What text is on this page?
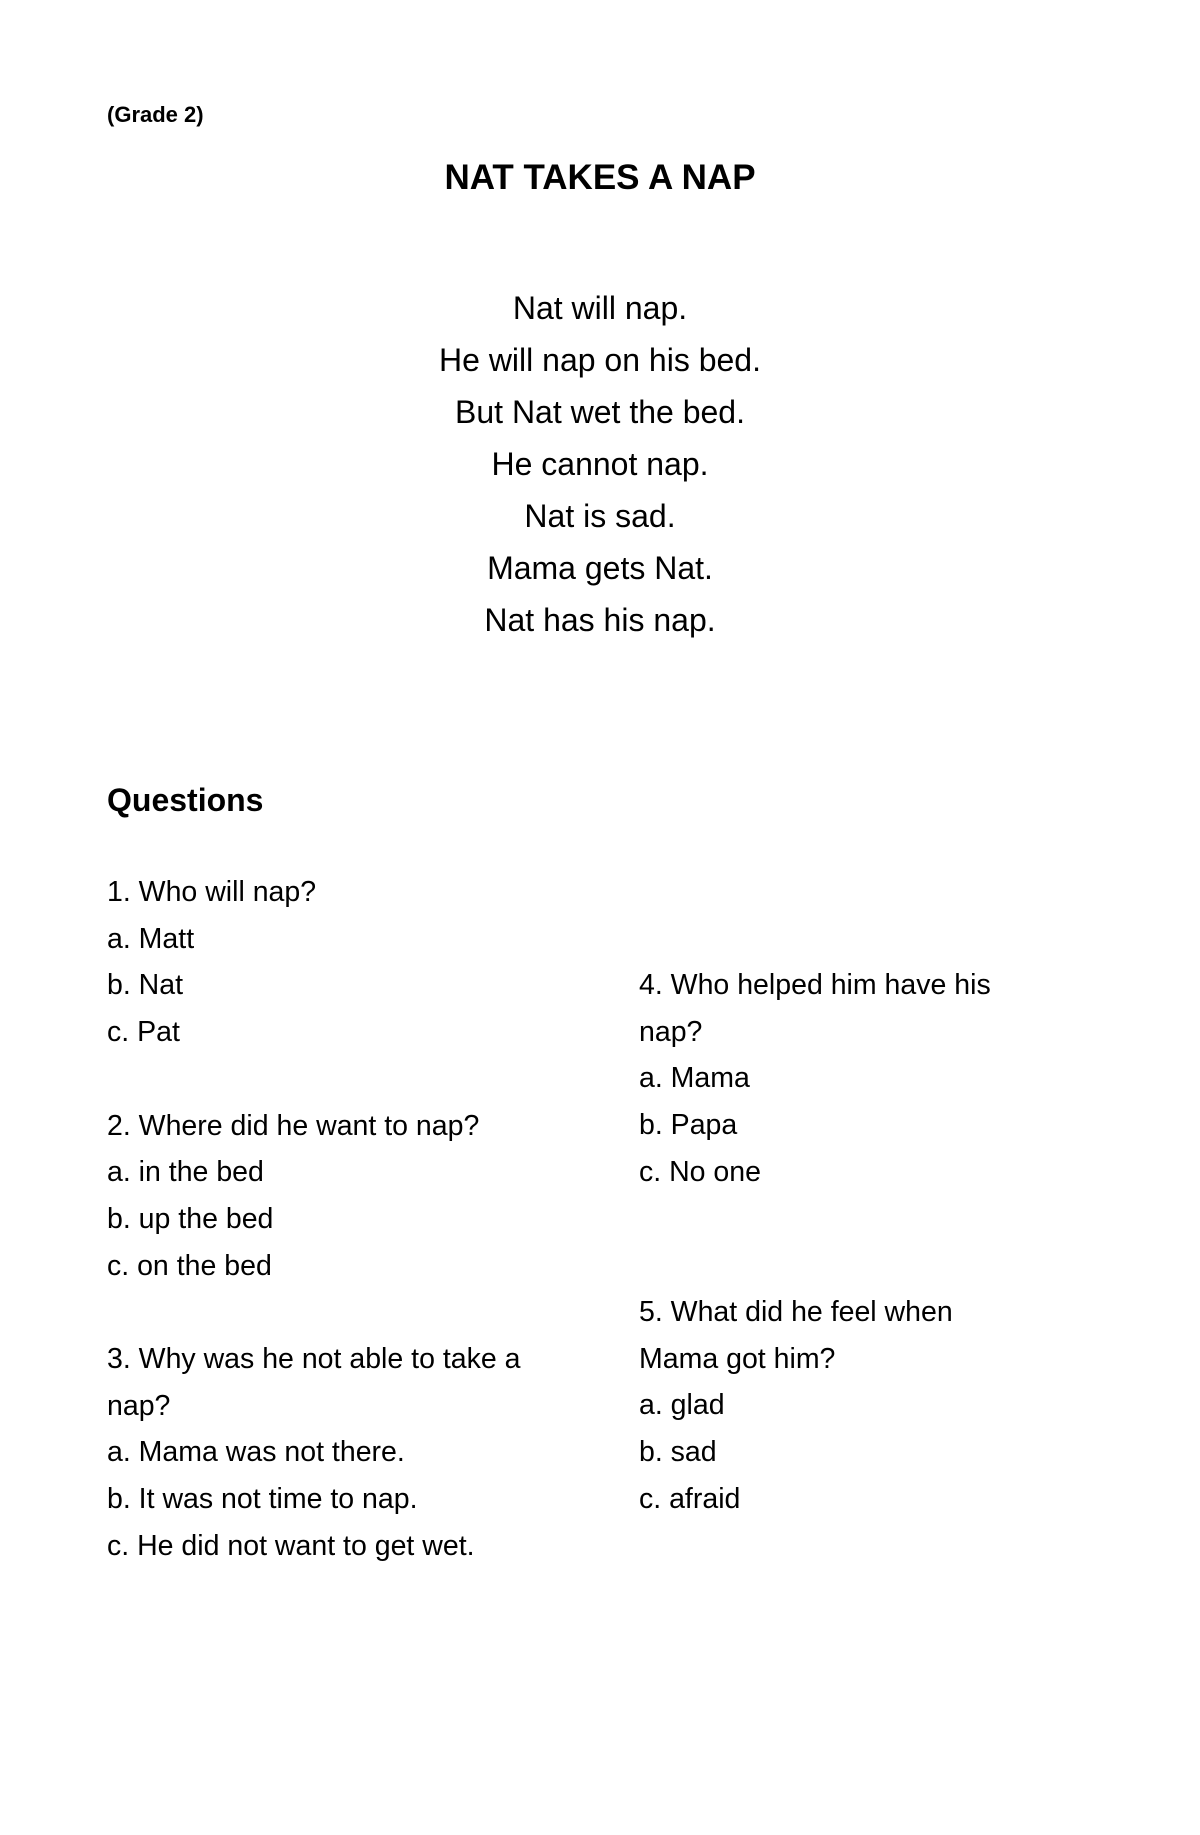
(Grade 2)
NAT TAKES A NAP
Nat will nap.
He will nap on his bed.
But Nat wet the bed.
He cannot nap.
Nat is sad.
Mama gets Nat.
Nat has his nap.
Questions
1. Who will nap?
a. Matt
b. Nat
c. Pat
2. Where did he want to nap?
a. in the bed
b. up the bed
c. on the bed
3. Why was he not able to take a nap?
a. Mama was not there.
b. It was not time to nap.
c. He did not want to get wet.
4. Who helped him have his nap?
a. Mama
b. Papa
c. No one
5. What did he feel when Mama got him?
a. glad
b. sad
c. afraid
